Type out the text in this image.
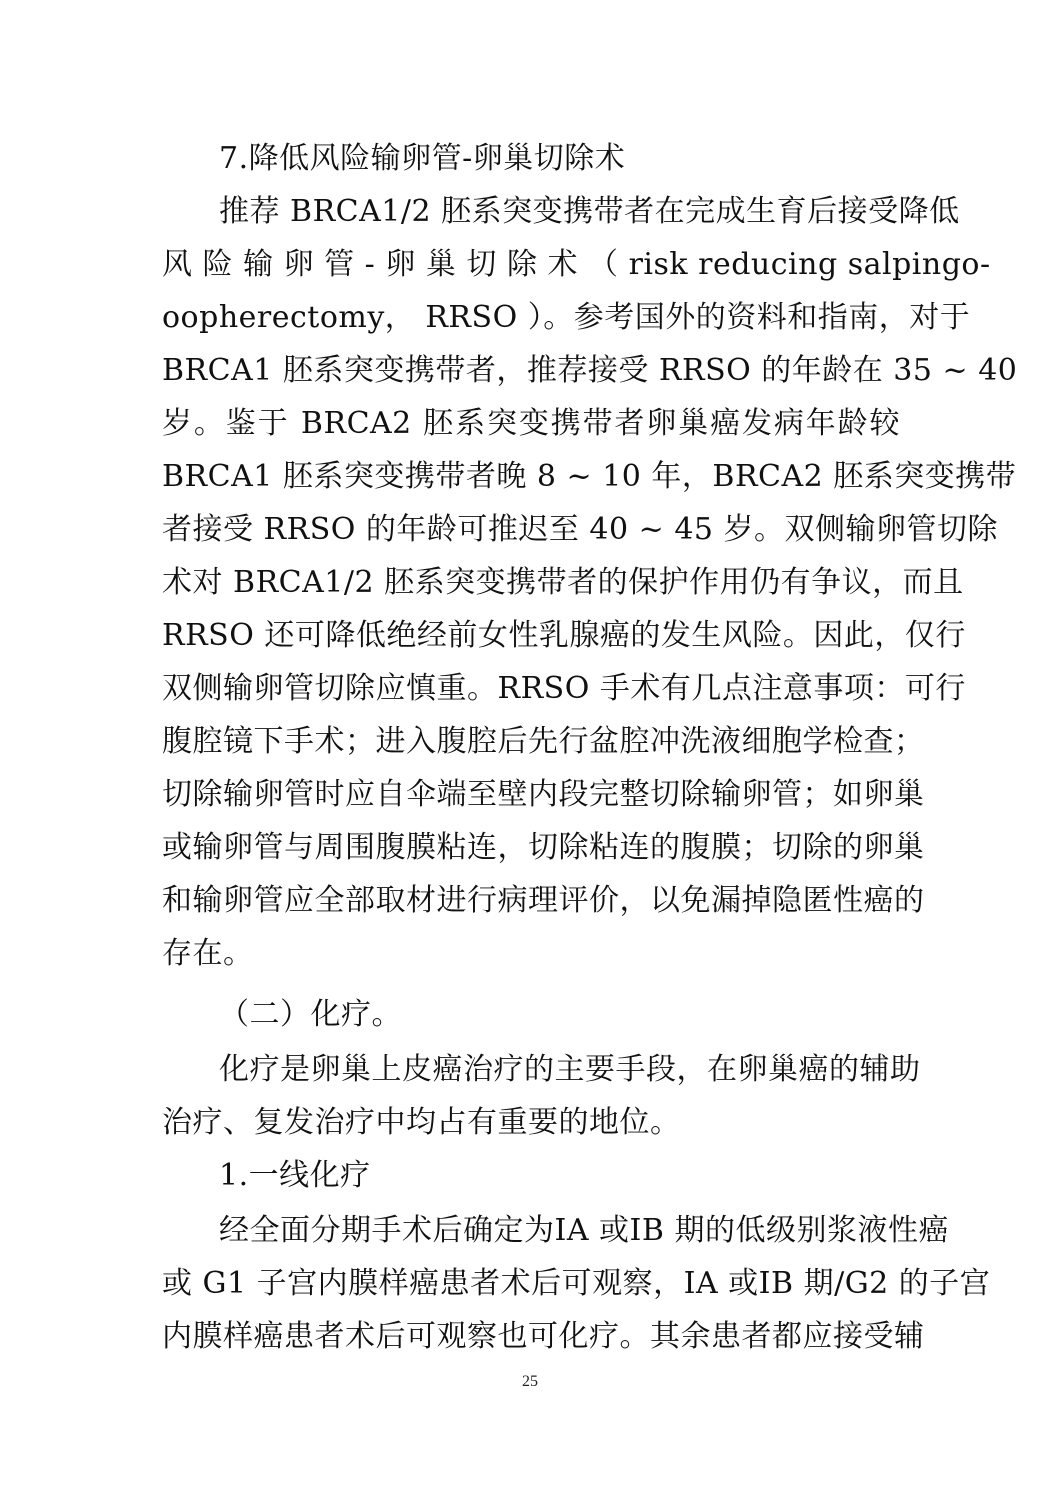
7.降低风险输卵管-卵巢切除术
推荐 BRCA1/2 胚系突变携带者在完成生育后接受降低
风 险 输 卵 管 - 卵 巢 切 除 术 （ risk reducing salpingo-
oopherectomy， RRSO ）。参考国外的资料和指南，对于
BRCA1 胚系突变携带者，推荐接受 RRSO 的年龄在 35 ~ 40
岁。鉴于 BRCA2 胚系突变携带者卵巢癌发病年龄较
BRCA1 胚系突变携带者晚 8 ~ 10 年，BRCA2 胚系突变携带
者接受 RRSO 的年龄可推迟至 40 ~ 45 岁。双侧输卵管切除
术对 BRCA1/2 胚系突变携带者的保护作用仍有争议，而且
RRSO 还可降低绝经前女性乳腺癌的发生风险。因此，仅行
双侧输卵管切除应慎重。RRSO 手术有几点注意事项：可行
腹腔镜下手术；进入腹腔后先行盆腔冲洗液细胞学检查；
切除输卵管时应自伞端至壁内段完整切除输卵管；如卵巢
或输卵管与周围腹膜粘连，切除粘连的腹膜；切除的卵巢
和输卵管应全部取材进行病理评价，以免漏掉隐匿性癌的
存在。
（二）化疗。
化疗是卵巢上皮癌治疗的主要手段，在卵巢癌的辅助
治疗、复发治疗中均占有重要的地位。
1.一线化疗
经全面分期手术后确定为IA 或IB 期的低级别浆液性癌
或 G1 子宫内膜样癌患者术后可观察，IA 或IB 期/G2 的子宫
内膜样癌患者术后可观察也可化疗。其余患者都应接受辅
25
